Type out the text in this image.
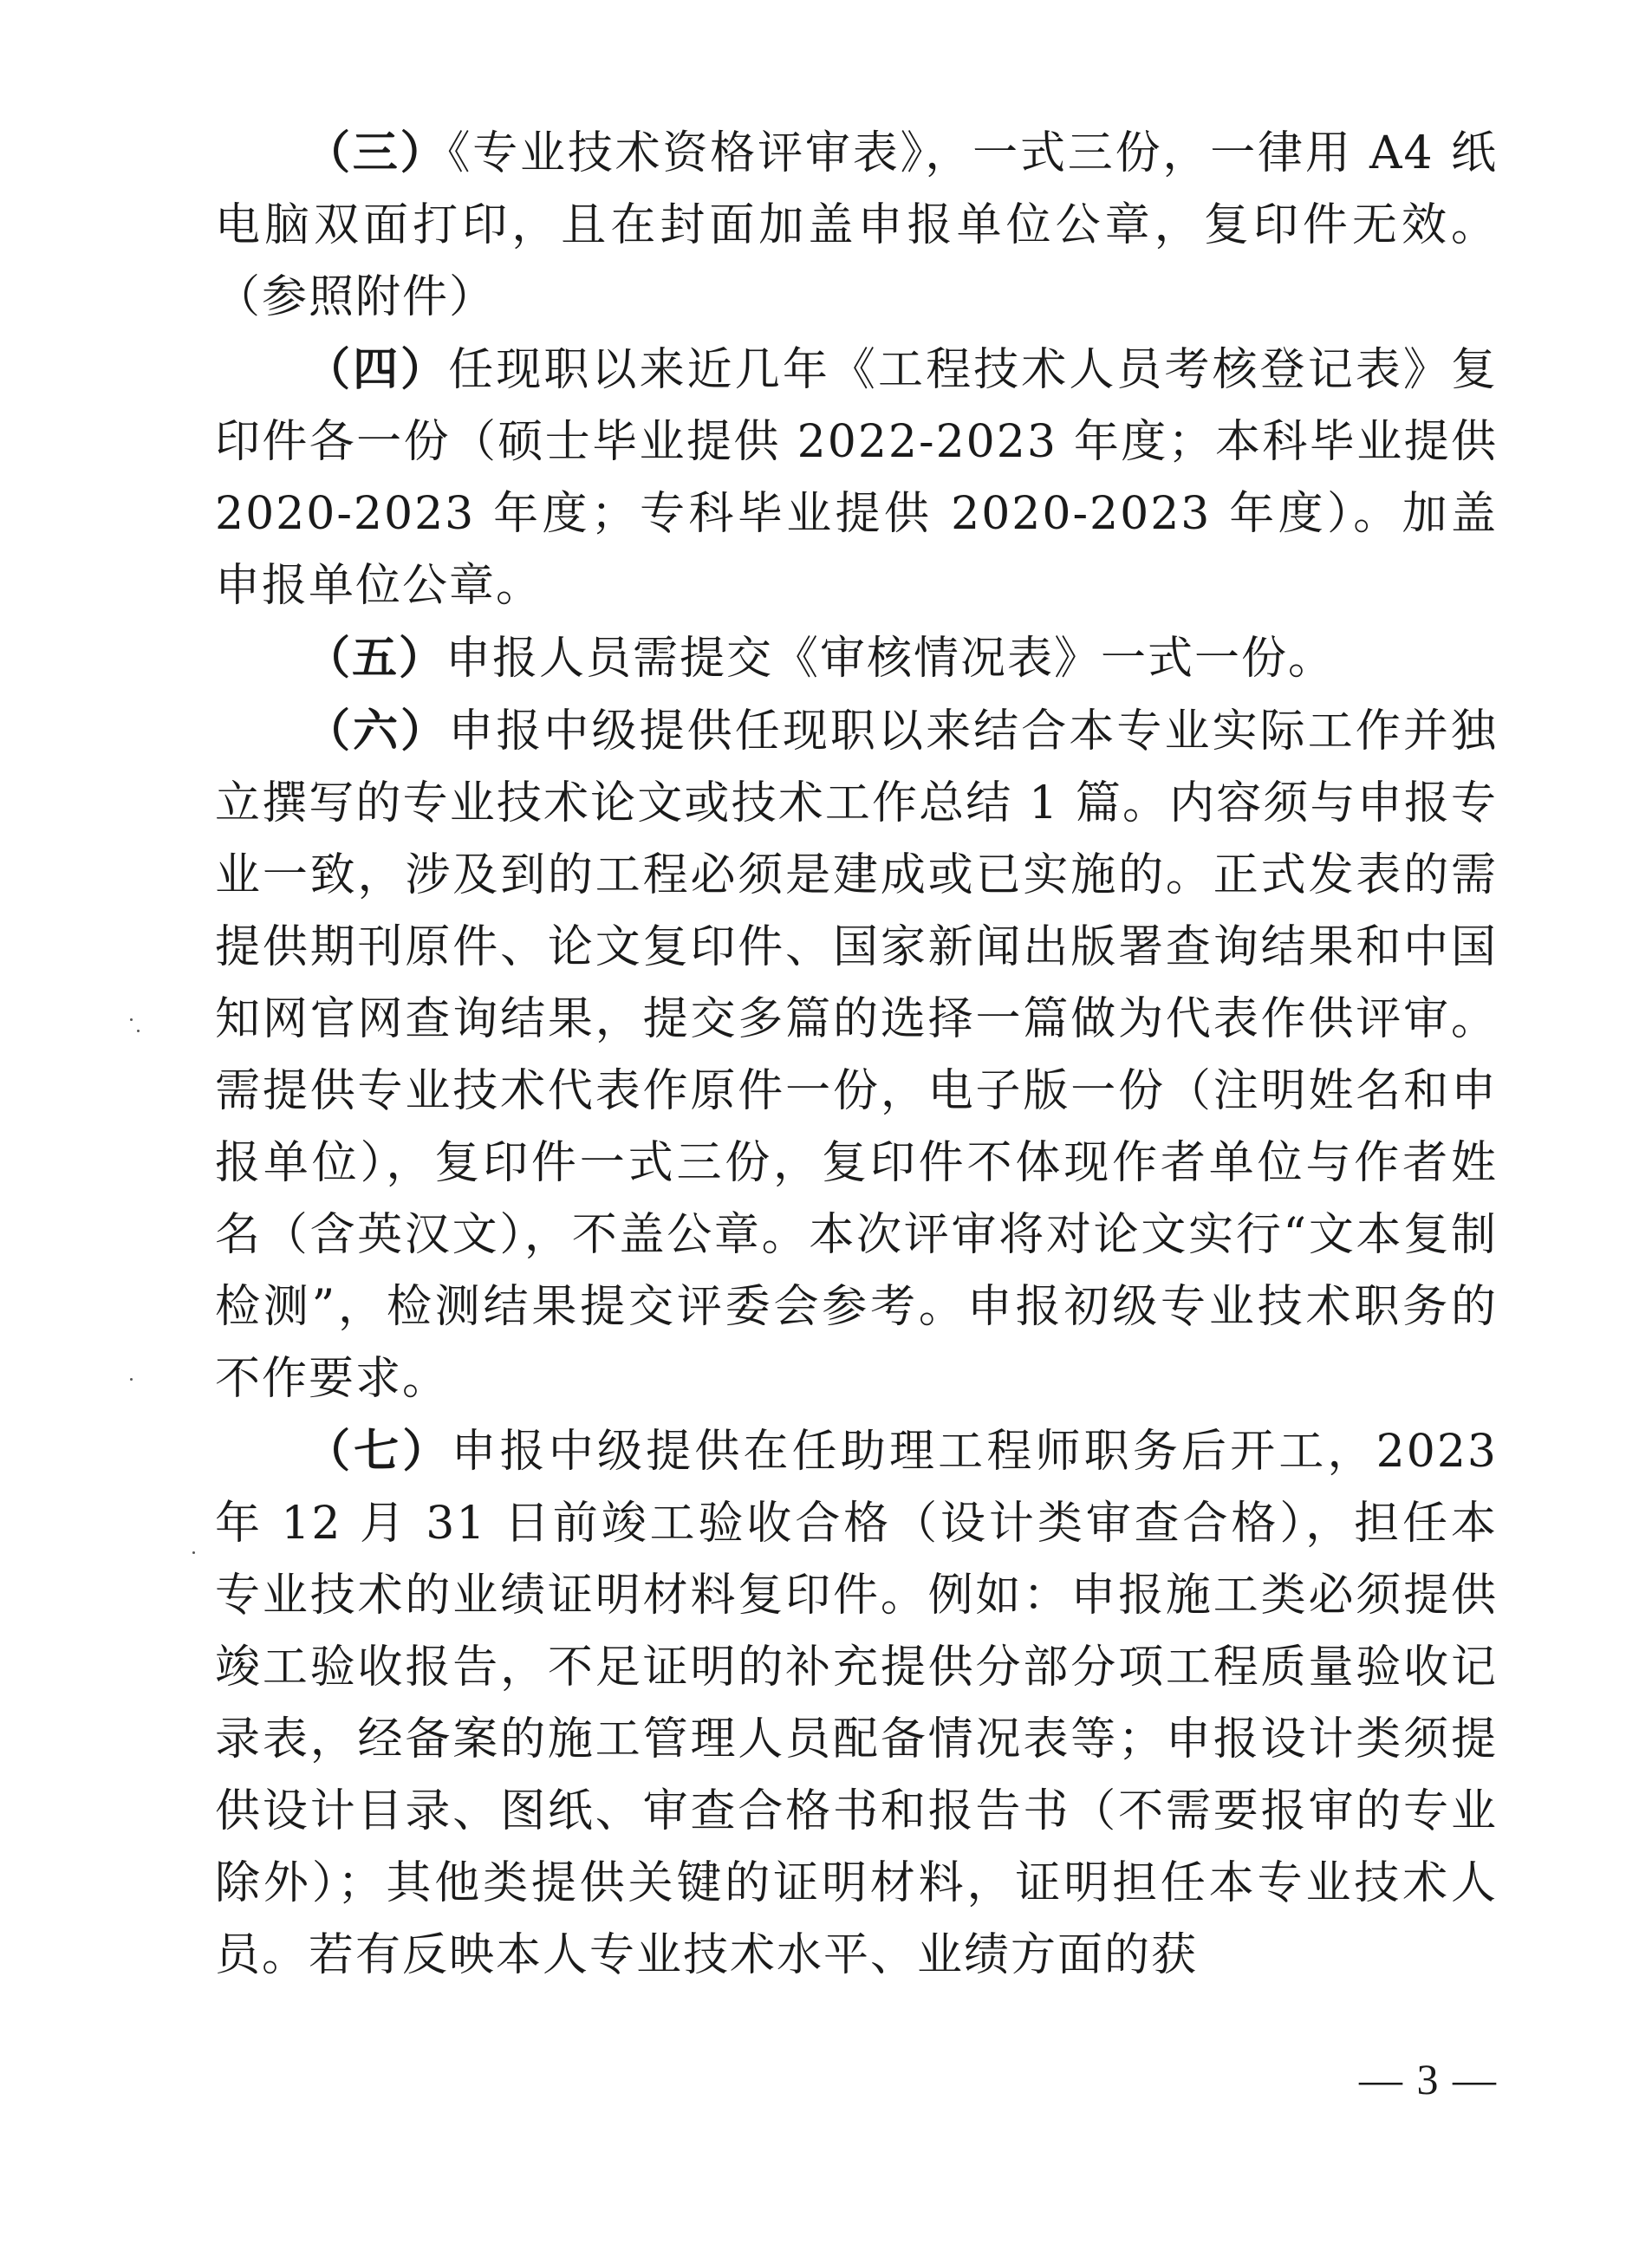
（三）《专业技术资格评审表》，一式三份，一律用 A4 纸电脑双面打印，且在封面加盖申报单位公章，复印件无效。（参照附件）

（四）任现职以来近几年《工程技术人员考核登记表》复印件各一份（硕士毕业提供 2022-2023 年度；本科毕业提供 2020-2023 年度；专科毕业提供 2020-2023 年度）。加盖申报单位公章。

（五）申报人员需提交《审核情况表》一式一份。

（六）申报中级提供任现职以来结合本专业实际工作并独立撰写的专业技术论文或技术工作总结 1 篇。内容须与申报专业一致，涉及到的工程必须是建成或已实施的。正式发表的需提供期刊原件、论文复印件、国家新闻出版署查询结果和中国知网官网查询结果，提交多篇的选择一篇做为代表作供评审。需提供专业技术代表作原件一份，电子版一份（注明姓名和申报单位），复印件一式三份，复印件不体现作者单位与作者姓名（含英汉文），不盖公章。本次评审将对论文实行“文本复制检测”，检测结果提交评委会参考。申报初级专业技术职务的不作要求。

（七）申报中级提供在任助理工程师职务后开工，2023 年 12 月 31 日前竣工验收合格（设计类审查合格），担任本专业技术的业绩证明材料复印件。例如：申报施工类必须提供竣工验收报告，不足证明的补充提供分部分项工程质量验收记录表，经备案的施工管理人员配备情况表等；申报设计类须提供设计目录、图纸、审查合格书和报告书（不需要报审的专业除外）；其他类提供关键的证明材料，证明担任本专业技术人员。若有反映本人专业技术水平、业绩方面的获

— 3 —
